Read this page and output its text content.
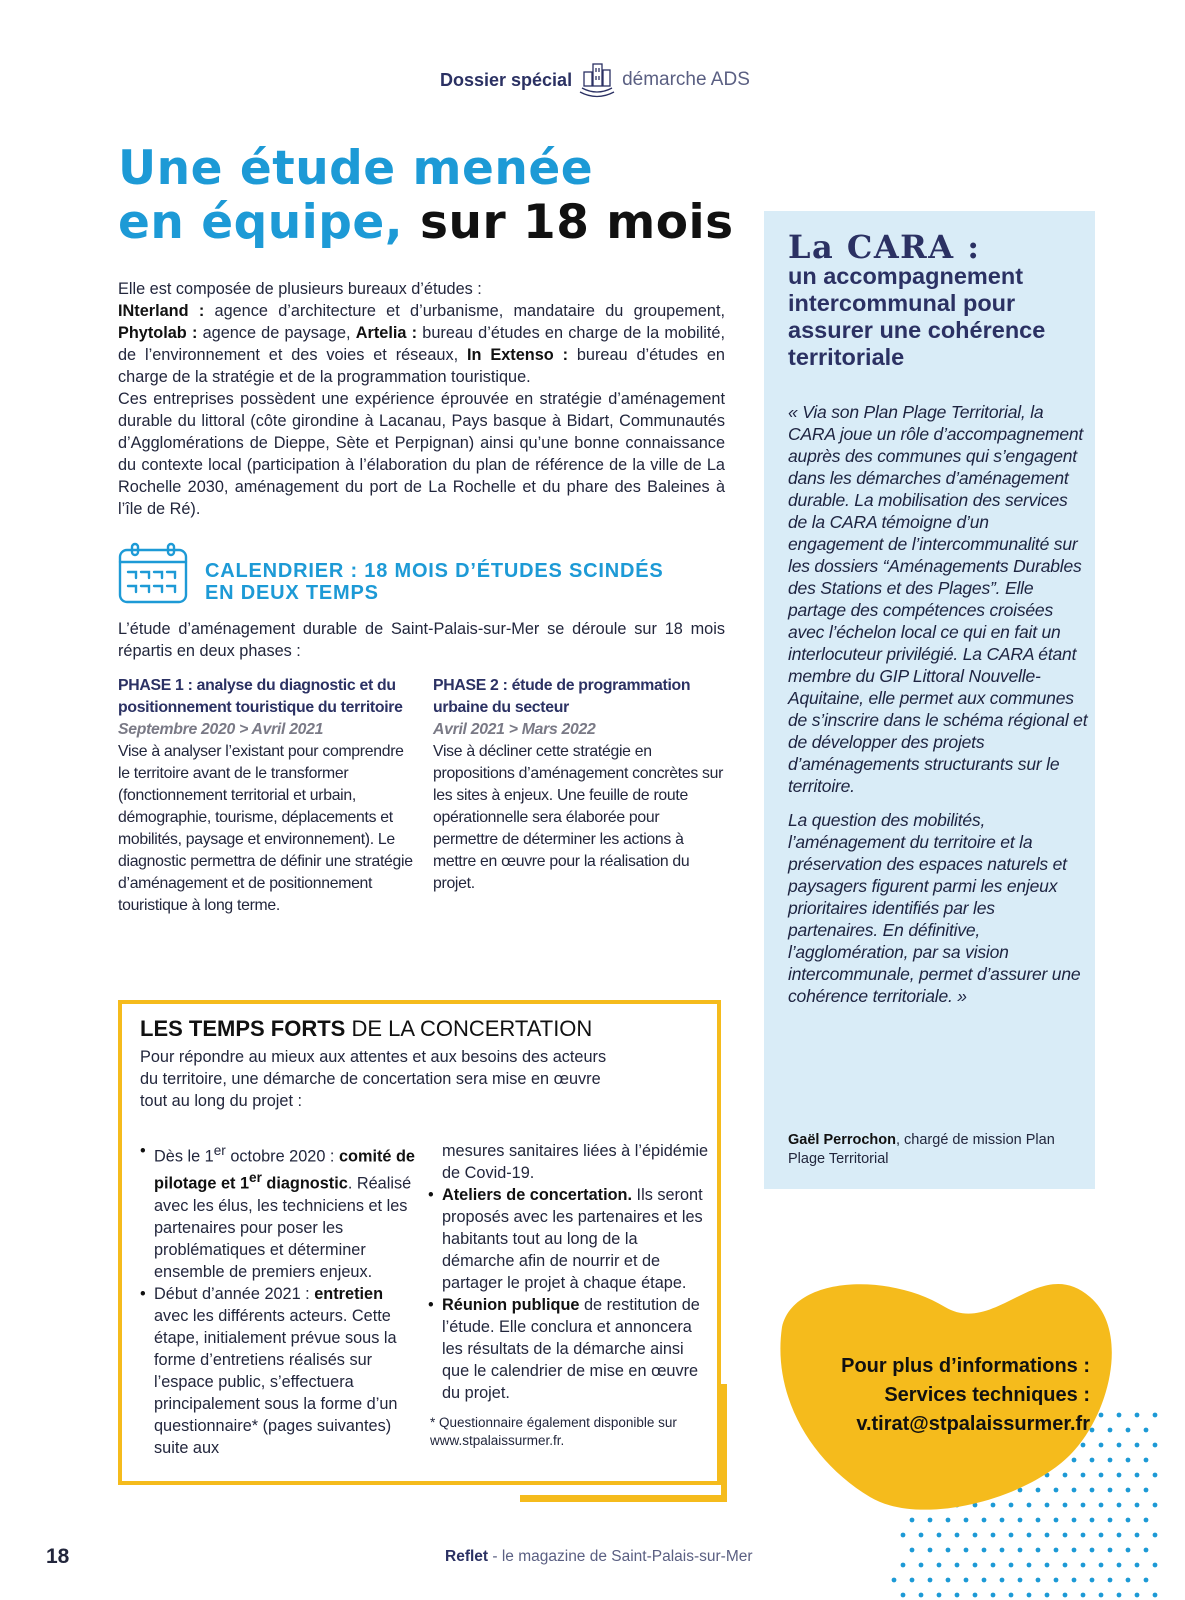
Dossier spécial	démarche ADS
Une étude menée
en équipe, sur 18 mois
Elle est composée de plusieurs bureaux d’études :
INterland : agence d’architecture et d’urbanisme, mandataire du groupement, Phytolab : agence de paysage, Artelia : bureau d’études en charge de la mobilité, de l’environnement et des voies et réseaux, In Extenso : bureau d’études en charge de la stratégie et de la programmation touristique.
Ces entreprises possèdent une expérience éprouvée en stratégie d’aménagement durable du littoral (côte girondine à Lacanau, Pays basque à Bidart, Communautés d’Agglomérations de Dieppe, Sète et Perpignan) ainsi qu’une bonne connaissance du contexte local (participation à l’élaboration du plan de référence de la ville de La Rochelle 2030, aménagement du port de La Rochelle et du phare des Baleines à l’île de Ré).
CALENDRIER : 18 MOIS D’ÉTUDES SCINDÉS
EN DEUX TEMPS
L’étude d’aménagement durable de Saint-Palais-sur-Mer se déroule sur 18 mois répartis en deux phases :
PHASE 1 : analyse du diagnostic et du positionnement touristique du territoire
Septembre 2020 > Avril 2021
Vise à analyser l’existant pour comprendre le territoire avant de le transformer (fonctionnement territorial et urbain, démographie, tourisme, déplacements et mobilités, paysage et environnement). Le diagnostic permettra de définir une stratégie d’aménagement et de positionnement touristique à long terme.
PHASE 2 : étude de programmation urbaine du secteur
Avril 2021 > Mars 2022
Vise à décliner cette stratégie en propositions d’aménagement concrètes sur les sites à enjeux. Une feuille de route opérationnelle sera élaborée pour permettre de déterminer les actions à mettre en œuvre pour la réalisation du projet.
LES TEMPS FORTS DE LA CONCERTATION
Pour répondre au mieux aux attentes et aux besoins des acteurs du territoire, une démarche de concertation sera mise en œuvre tout au long du projet :
• Dès le 1er octobre 2020 : comité de pilotage et 1er diagnostic. Réalisé avec les élus, les techniciens et les partenaires pour poser les problématiques et déterminer ensemble de premiers enjeux.
• Début d’année 2021 : entretien avec les différents acteurs. Cette étape, initialement prévue sous la forme d’entretiens réalisés sur l’espace public, s’effectuera principalement sous la forme d’un questionnaire* (pages suivantes) suite aux
mesures sanitaires liées à l’épidémie de Covid-19.
• Ateliers de concertation. Ils seront proposés avec les partenaires et les habitants tout au long de la démarche afin de nourrir et de partager le projet à chaque étape.
• Réunion publique de restitution de l’étude. Elle conclura et annoncera les résultats de la démarche ainsi que le calendrier de mise en œuvre du projet.
* Questionnaire également disponible sur www.stpalaissurmer.fr.
La CARA :
un accompagnement intercommunal pour assurer une cohérence territoriale

« Via son Plan Plage Territorial, la CARA joue un rôle d’accompagnement auprès des communes qui s’engagent dans les démarches d’aménagement durable. La mobilisation des services de la CARA témoigne d’un engagement de l’intercommunalité sur les dossiers “Aménagements Durables des Stations et des Plages”. Elle partage des compétences croisées avec l’échelon local ce qui en fait un interlocuteur privilégié. La CARA étant membre du GIP Littoral Nouvelle-Aquitaine, elle permet aux communes de s’inscrire dans le schéma régional et de développer des projets d’aménagements structurants sur le territoire.

La question des mobilités, l’aménagement du territoire et la préservation des espaces naturels et paysagers figurent parmi les enjeux prioritaires identifiés par les partenaires. En définitive, l’agglomération, par sa vision intercommunale, permet d’assurer une cohérence territoriale. »

Gaël Perrochon, chargé de mission Plan Plage Territorial
Pour plus d’informations :
Services techniques :
v.tirat@stpalaissurmer.fr
18	Reflet - le magazine de Saint-Palais-sur-Mer
